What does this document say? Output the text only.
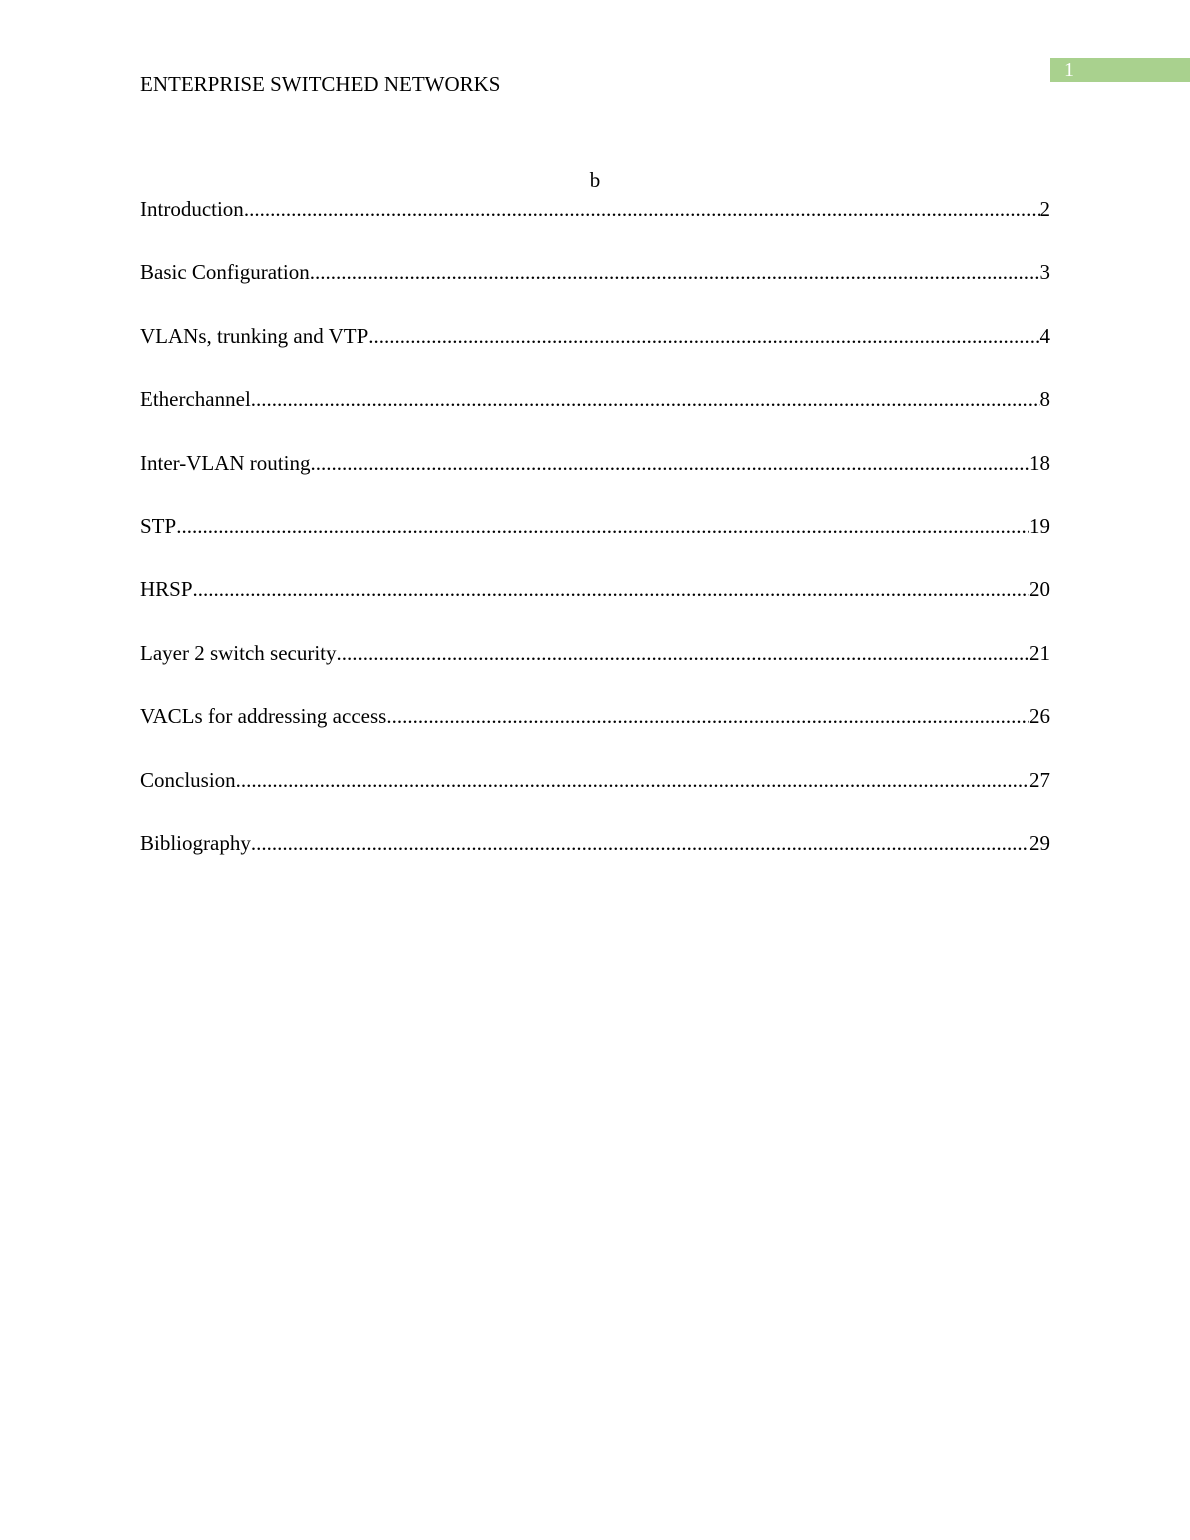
1
ENTERPRISE SWITCHED NETWORKS
b
Introduction .....	2
Basic Configuration .....	3
VLANs, trunking and VTP .....	4
Etherchannel .....	8
Inter-VLAN routing .....	18
STP .....	19
HRSP .....	20
Layer 2 switch security .....	21
VACLs for addressing access .....	26
Conclusion .....	27
Bibliography .....	29
